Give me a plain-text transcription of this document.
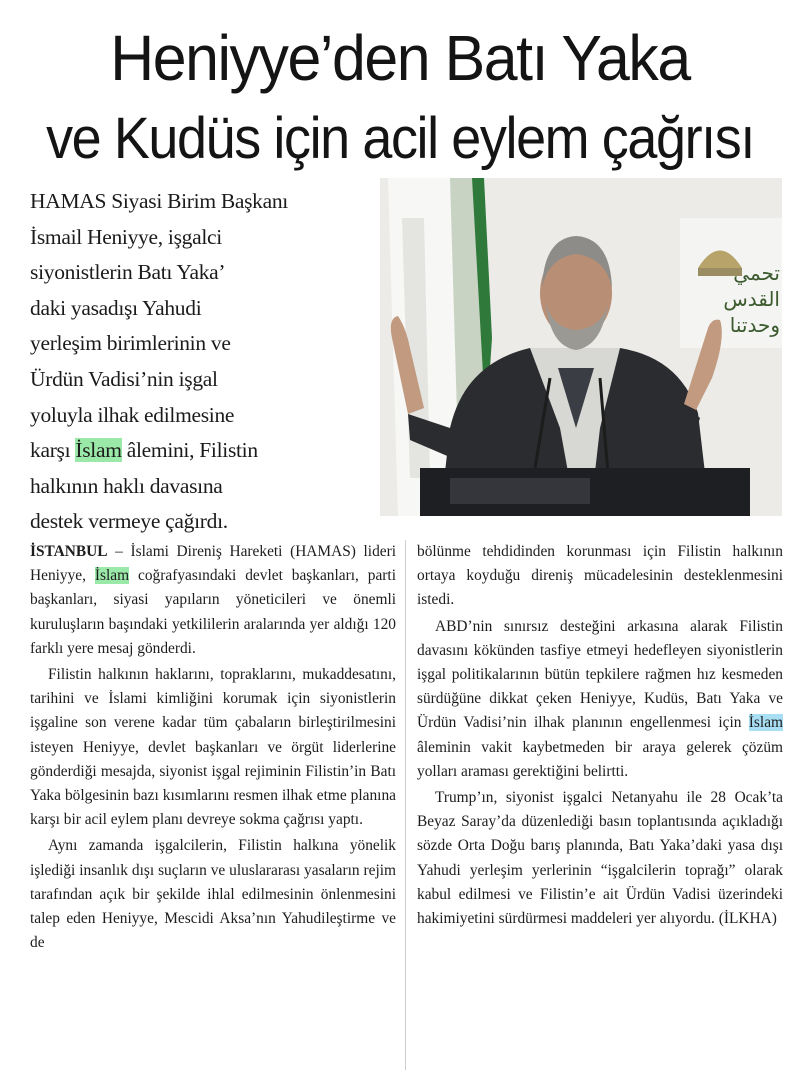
Heniyye’den Batı Yaka
ve Kudüs için acil eylem çağrısı
HAMAS Siyasi Birim Başkanı
İsmail Heniyye, işgalci
siyonistlerin Batı Yaka’
daki yasadışı Yahudi
yerleşim birimlerinin ve
Ürdün Vadisi’nin işgal
yoluyla ilhak edilmesine
karşı İslam âlemini, Filistin
halkının haklı davasına
destek vermeye çağırdı.
تحمي
القدس
وحدتنا

İSTANBUL – İslami Direniş Hareketi (HAMAS) lideri Heniyye, İslam coğrafyasındaki devlet başkanları, parti başkanları, siyasi yapıların yöneticileri ve önemli kuruluşların başındaki yetkililerin aralarında yer aldığı 120 farklı yere mesaj gönderdi.

Filistin halkının haklarını, topraklarını, mukaddesatını, tarihini ve İslami kimliğini korumak için siyonistlerin işgaline son verene kadar tüm çabaların birleştirilmesini isteyen Heniyye, devlet başkanları ve örgüt liderlerine gönderdiği mesajda, siyonist işgal rejiminin Filistin’in Batı Yaka bölgesinin bazı kısımlarını resmen ilhak etme planına karşı bir acil eylem planı devreye sokma çağrısı yaptı.

Aynı zamanda işgalcilerin, Filistin halkına yönelik işlediği insanlık dışı suçların ve uluslararası yasaların rejim tarafından açık bir şekilde ihlal edilmesinin önlenmesini talep eden Heniyye, Mescidi Aksa’nın Yahudileştirme ve de

bölünme tehdidinden korunması için Filistin halkının ortaya koyduğu direniş mücadelesinin desteklenmesini istedi.

ABD’nin sınırsız desteğini arkasına alarak Filistin davasını kökünden tasfiye etmeyi hedefleyen siyonistlerin işgal politikalarının bütün tepkilere rağmen hız kesmeden sürdüğüne dikkat çeken Heniyye, Kudüs, Batı Yaka ve Ürdün Vadisi’nin ilhak planının engellenmesi için İslam âleminin vakit kaybetmeden bir araya gelerek çözüm yolları araması gerektiğini belirtti.

Trump’ın, siyonist işgalci Netanyahu ile 28 Ocak’ta Beyaz Saray’da düzenlediği basın toplantısında açıkladığı sözde Orta Doğu barış planında, Batı Yaka’daki yasa dışı Yahudi yerleşim yerlerinin “işgalcilerin toprağı” olarak kabul edilmesi ve Filistin’e ait Ürdün Vadisi üzerindeki hakimiyetini sürdürmesi maddeleri yer alıyordu. (İLKHA)
